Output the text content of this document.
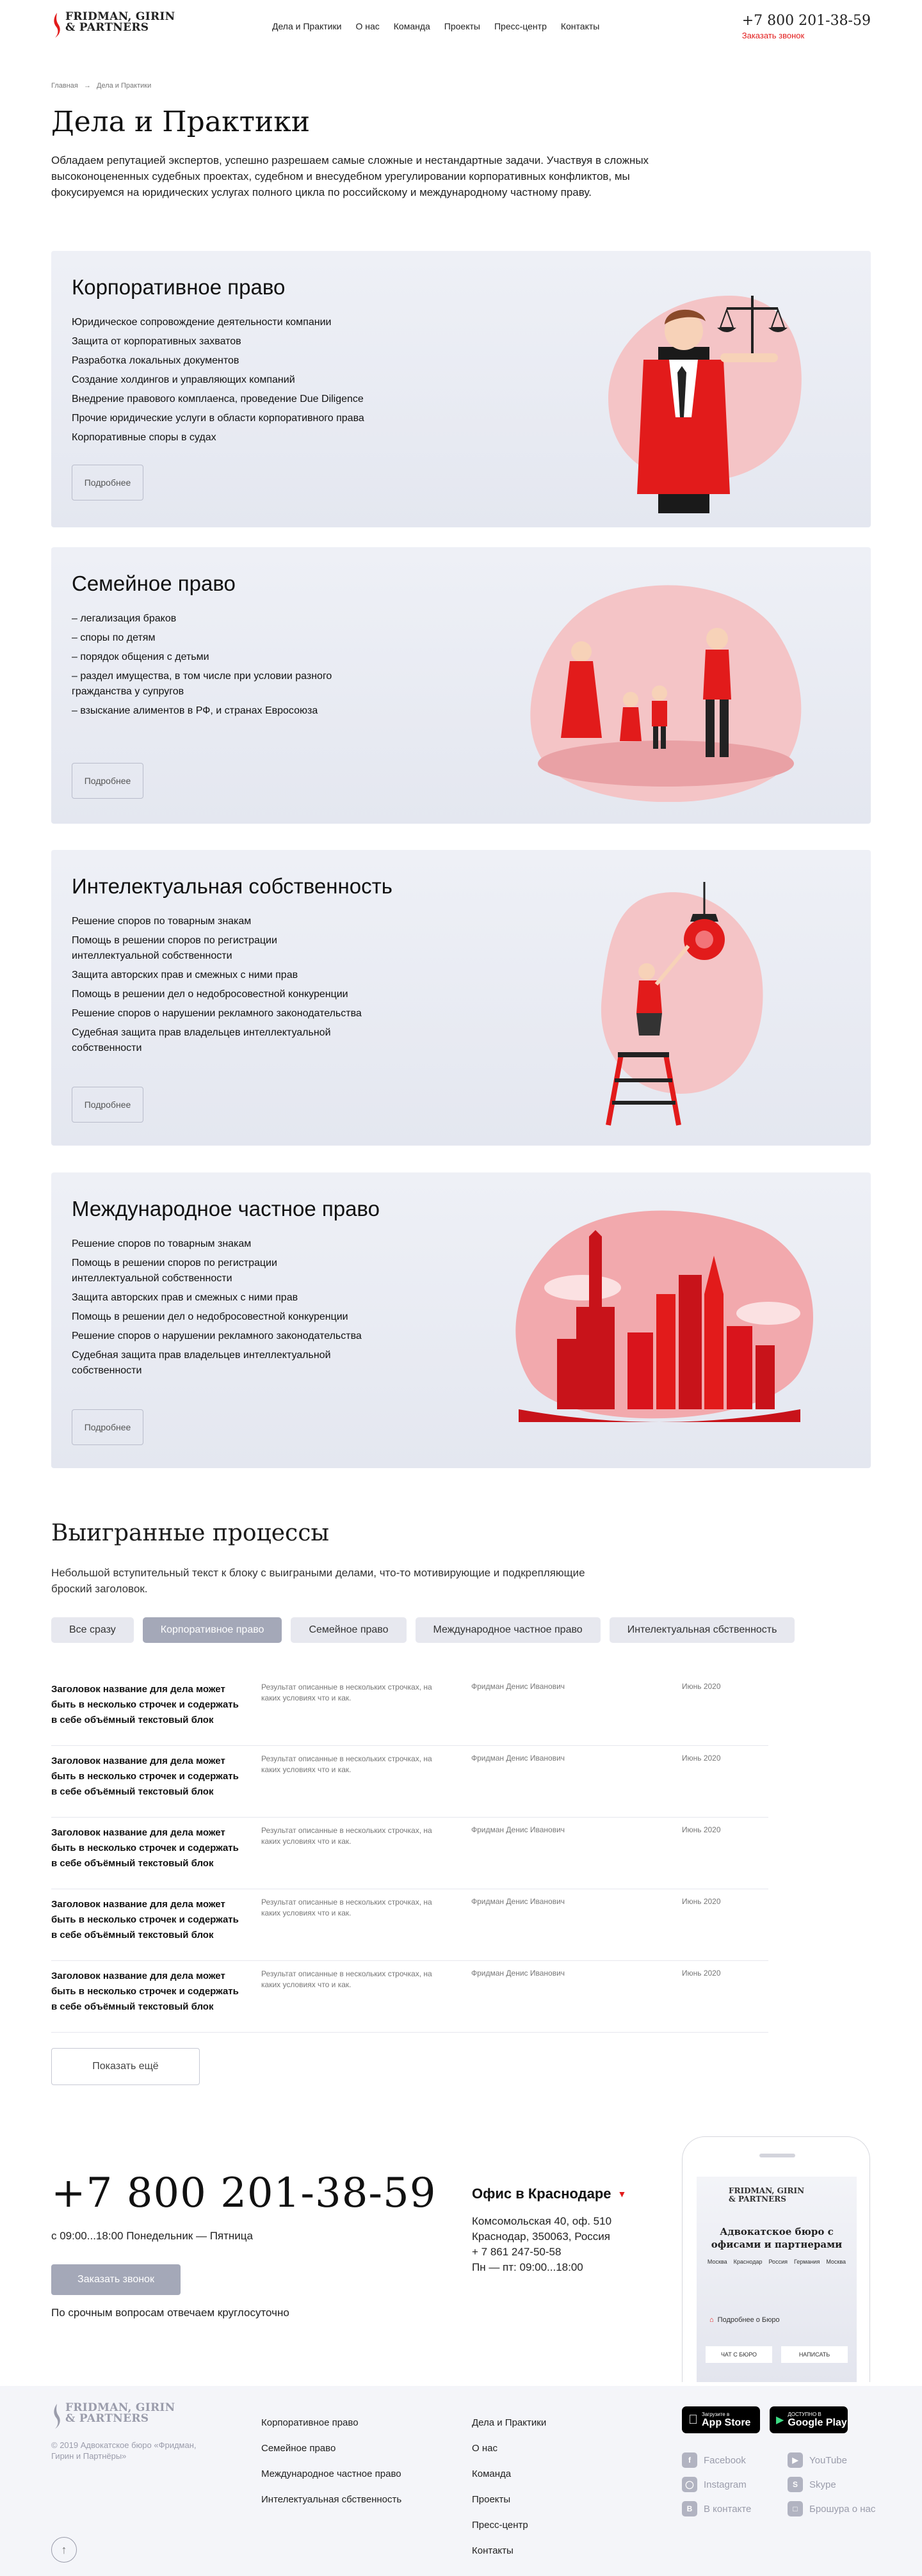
FRIDMAN, GIRIN
& PARTNERS	Дела и Практики О нас Команда Проекты Пресс-центр Контакты	+7 800 201-38-59
Заказать звонок
Главная → Дела и Практики
Дела и Практики

Обладаем репутацией экспертов, успешно разрешаем самые сложные и нестандартные задачи. Участвуя в сложных высоконоцененных судебных проектах, судебном и внесудебном урегулировании корпоративных конфликтов, мы фокусируемся на юридических услугах полного цикла по российскому и международному частному праву.

Корпоративное право
Юридическое сопровождение деятельности компании
Защита от корпоративных захватов
Разработка локальных документов
Создание холдингов и управляющих компаний
Внедрение правового комплаенса, проведение Due Diligence
Прочие юридические услуги в области корпоративного права
Корпоративные споры в судах
Подробнее
Семейное право
– легализация браков
– споры по детям
– порядок общения с детьми
– раздел имущества, в том числе при условии разного
гражданства у супругов
– взыскание алиментов в РФ, и странах Евросоюза
Подробнее
Интелектуальная собственность
Решение споров по товарным знакам
Помощь в решении споров по регистрации
интеллектуальной собственности
Защита авторских прав и смежных с ними прав
Помощь в решении дел о недобросовестной конкуренции
Решение споров о нарушении рекламного законодательства
Судебная защита прав владельцев интеллектуальной
собственности
Подробнее
Международное частное право
Решение споров по товарным знакам
Помощь в решении споров по регистрации
интеллектуальной собственности
Защита авторских прав и смежных с ними прав
Помощь в решении дел о недобросовестной конкуренции
Решение споров о нарушении рекламного законодательства
Судебная защита прав владельцев интеллектуальной
собственности
Подробнее
Выигранные процессы

Небольшой вступительный текст к блоку с выиграными делами, что-то мотивирующие и подкрепляющие броский заголовок.

Все сразу	Корпоративное право	Семейное право	Международное частное право	Интелектуальная сбственность
Заголовок название для дела может быть в несколько строчек и содержать в себе объёмный текстовый блок
Результат описанные в нескольких строчках, на каких условиях что и как.
Фридман Денис Иванович	Июнь 2020
Заголовок название для дела может быть в несколько строчек и содержать в себе объёмный текстовый блок
Результат описанные в нескольких строчках, на каких условиях что и как.
Фридман Денис Иванович	Июнь 2020
Заголовок название для дела может быть в несколько строчек и содержать в себе объёмный текстовый блок
Результат описанные в нескольких строчках, на каких условиях что и как.
Фридман Денис Иванович	Июнь 2020
Заголовок название для дела может быть в несколько строчек и содержать в себе объёмный текстовый блок
Результат описанные в нескольких строчках, на каких условиях что и как.
Фридман Денис Иванович	Июнь 2020
Заголовок название для дела может быть в несколько строчек и содержать в себе объёмный текстовый блок
Результат описанные в нескольких строчках, на каких условиях что и как.
Фридман Денис Иванович	Июнь 2020
Показать ещё
+7 800 201-38-59
с 09:00...18:00 Понедельник — Пятница
Заказать звонок
По срочным вопросам отвечаем круглосуточно
Офис в Краснодаре ▼
Комсомольская 40, оф. 510
Краснодар, 350063, Россия
+ 7 861 247-50-58
Пн — пт: 09:00...18:00
FRIDMAN, GIRIN
& PARTNERS
Адвокатское бюро с офисами и партнерами
Москва Краснодар Россия Германия Москва
⌂ Подробнее о Бюро
ЧАТ С БЮРО	НАПИСАТЬ
FRIDMAN, GIRIN
& PARTNERS
© 2019 Адвокатское бюро «Фридман, Гирин и Партнёры»
Корпоративное право
Семейное право
Международное частное право
Интелектуальная сбственность
Дела и Практики
О нас
Команда
Проекты
Пресс-центр
Контакты
Загрузите в
App Store	▶
ДОСТУПНО В
Google Play
f	Facebook	▶	YouTube
◯	Instagram	S	Skype
B	В контакте	□	Брошура о нас
↑
